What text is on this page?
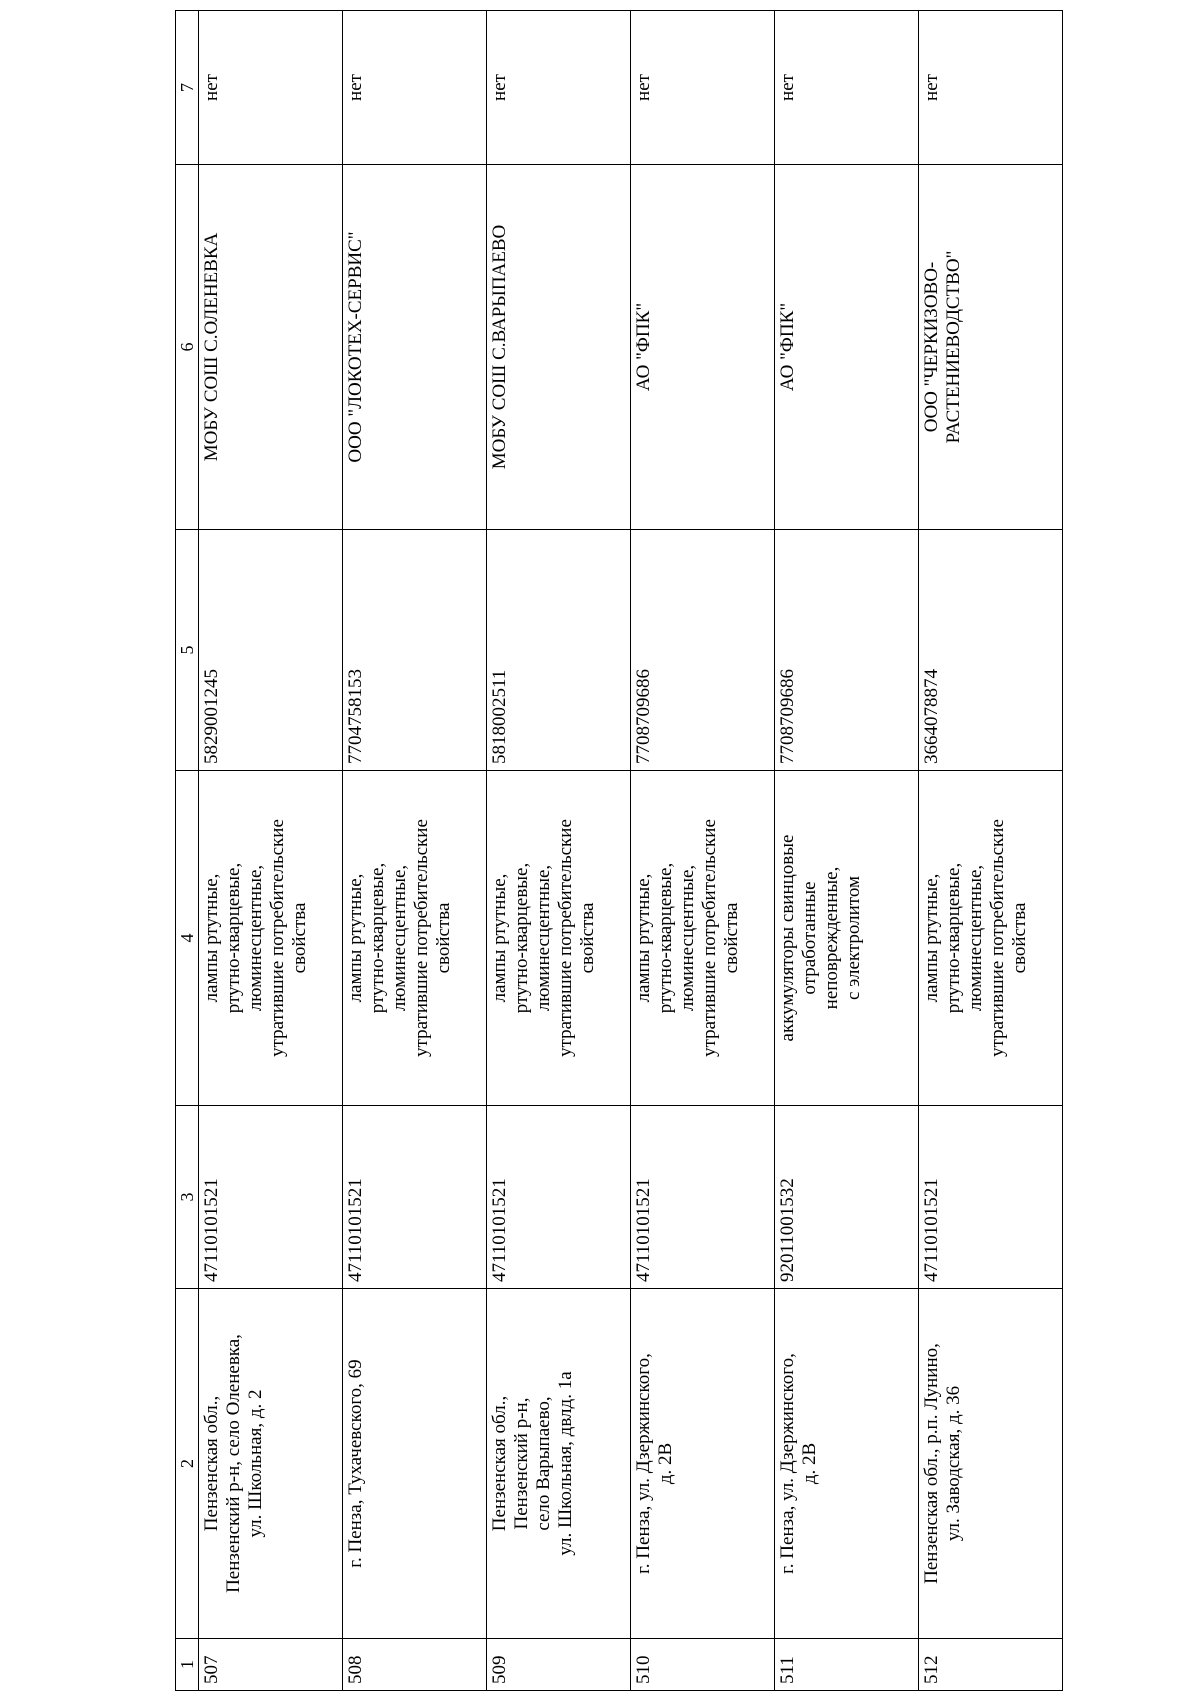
1	2	3	4	5	6	7

507	Пензенская обл., Пензенский р-н, село Оленевка, ул. Школьная, д. 2	47110101521	лампы ртутные, ртутно-кварцевые, люминесцентные, утратившие потребительские свойства	5829001245	МОБУ СОШ С.ОЛЕНЕВКА	нет

508	г. Пенза, Тухачевского, 69	47110101521	лампы ртутные, ртутно-кварцевые, люминесцентные, утратившие потребительские свойства	7704758153	ООО "ЛОКОТЕХ-СЕРВИС"	нет

509	Пензенская обл., Пензенский р-н, село Варыпаево, ул. Школьная, двлд. 1а	47110101521	лампы ртутные, ртутно-кварцевые, люминесцентные, утратившие потребительские свойства	5818002511	МОБУ СОШ С.ВАРЫПАЕВО	нет

510	г. Пенза, ул. Дзержинского, д. 2В	47110101521	лампы ртутные, ртутно-кварцевые, люминесцентные, утратившие потребительские свойства	7708709686	АО "ФПК"	нет

511	г. Пенза, ул. Дзержинского, д. 2В	92011001532	аккумуляторы свинцовые отработанные неповрежденные, с электролитом	7708709686	АО "ФПК"	нет

512	Пензенская обл., р.п. Лунино, ул. Заводская, д. 36	47110101521	лампы ртутные, ртутно-кварцевые, люминесцентные, утратившие потребительские свойства	3664078874	ООО "ЧЕРКИЗОВО- РАСТЕНИЕВОДСТВО"	нет
